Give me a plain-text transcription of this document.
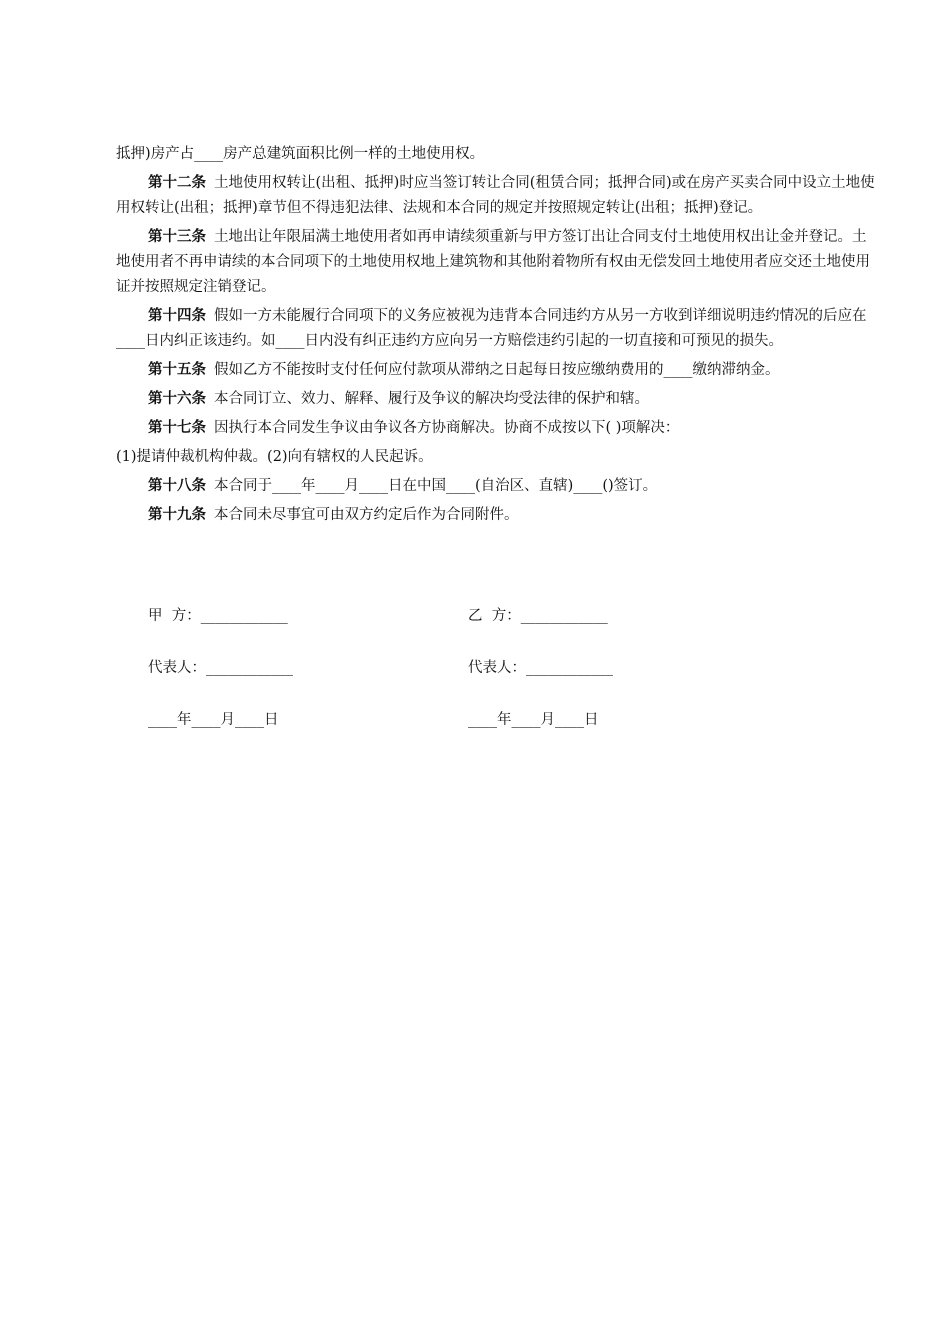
抵押)房产占____房产总建筑面积比例一样的土地使用权。

第十二条 土地使用权转让(出租、抵押)时应当签订转让合同(租赁合同；抵押合同)或在房产买卖合同中设立土地使用权转让(出租；抵押)章节但不得违犯法律、法规和本合同的规定并按照规定转让(出租；抵押)登记。

第十三条 土地出让年限届满土地使用者如再申请续须重新与甲方签订出让合同支付土地使用权出让金并登记。土地使用者不再申请续的本合同项下的土地使用权地上建筑物和其他附着物所有权由无偿发回土地使用者应交还土地使用证并按照规定注销登记。

第十四条 假如一方未能履行合同项下的义务应被视为违背本合同违约方从另一方收到详细说明违约情况的后应在____日内纠正该违约。如____日内没有纠正违约方应向另一方赔偿违约引起的一切直接和可预见的损失。

第十五条 假如乙方不能按时支付任何应付款项从滞纳之日起每日按应缴纳费用的____缴纳滞纳金。

第十六条 本合同订立、效力、解释、履行及争议的解决均受法律的保护和辖。

第十七条 因执行本合同发生争议由争议各方协商解决。协商不成按以下( )项解决：

(1)提请仲裁机构仲裁。(2)向有辖权的人民起诉。

第十八条 本合同于____年____月____日在中国____(自治区、直辖)____()签订。

第十九条 本合同未尽事宜可由双方约定后作为合同附件。

甲  方：____________	乙  方：____________
代表人：____________	代表人：____________
____年____月____日	____年____月____日
